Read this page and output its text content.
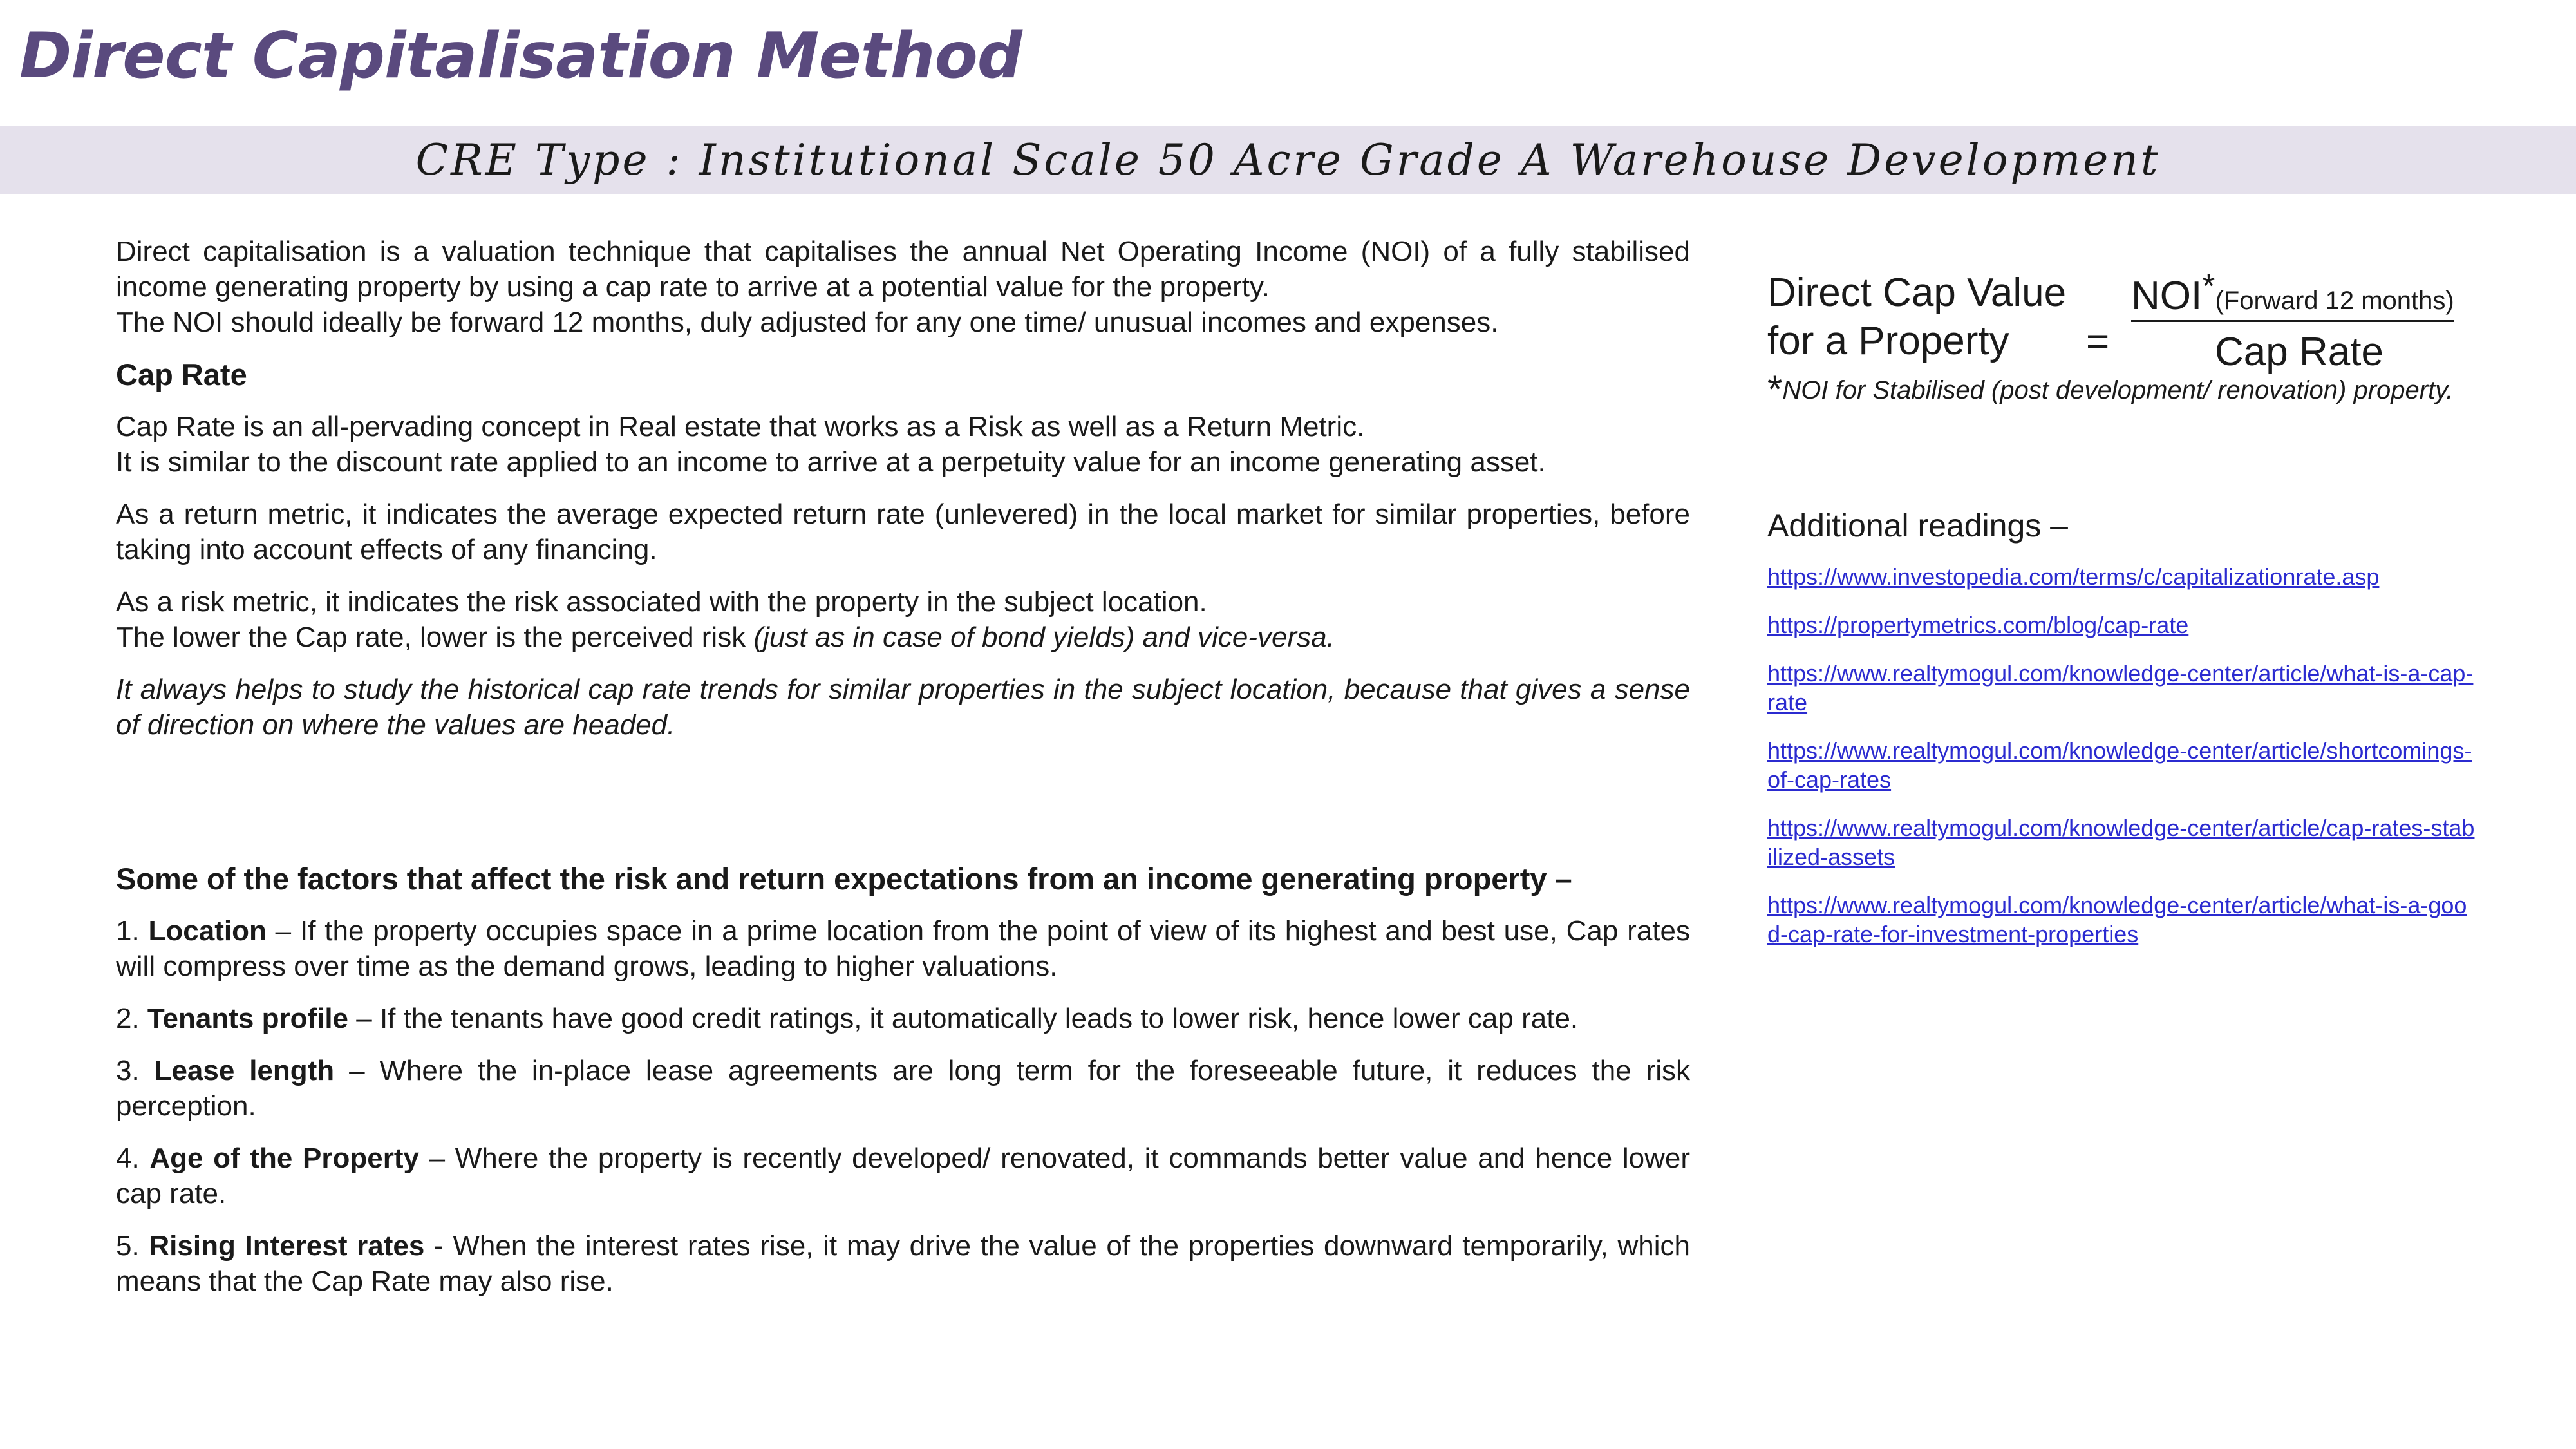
Direct Capitalisation Method
CRE Type : Institutional Scale 50 Acre Grade A Warehouse Development

Direct capitalisation is a valuation technique that capitalises the annual Net Operating Income (NOI) of a fully stabilised income generating property by using a cap rate to arrive at a potential value for the property.
The NOI should ideally be forward 12 months, duly adjusted for any one time/ unusual incomes and expenses.

Cap Rate

Cap Rate is an all-pervading concept in Real estate that works as a Risk as well as a Return Metric.
It is similar to the discount rate applied to an income to arrive at a perpetuity value for an income generating asset.

As a return metric, it indicates the average expected return rate (unlevered) in the local market for similar properties, before taking into account effects of any financing.

As a risk metric, it indicates the risk associated with the property in the subject location.
The lower the Cap rate, lower is the perceived risk (just as in case of bond yields) and vice-versa.

It always helps to study the historical cap rate trends for similar properties in the subject location, because that gives a sense of direction on where the values are headed.

Some of the factors that affect the risk and return expectations from an income generating property –

1. Location – If the property occupies space in a prime location from the point of view of its highest and best use, Cap rates will compress over time as the demand grows, leading to higher valuations.

2. Tenants profile – If the tenants have good credit ratings, it automatically leads to lower risk, hence lower cap rate.

3. Lease length – Where the in-place lease agreements are long term for the foreseeable future, it reduces the risk perception.

4. Age of the Property – Where the property is recently developed/ renovated, it commands better value and hence lower cap rate.

5. Rising Interest rates - When the interest rates rise, it may drive the value of the properties downward temporarily, which means that the Cap Rate may also rise.

Direct Cap Value
for a Property	=
NOI*(Forward 12 months)
Cap Rate
*NOI for Stabilised (post development/ renovation) property.
Additional readings –
https://www.investopedia.com/terms/c/capitalizationrate.asp
https://propertymetrics.com/blog/cap-rate
https://www.realtymogul.com/knowledge-center/article/what-is-a-cap-rate
https://www.realtymogul.com/knowledge-center/article/shortcomings-of-cap-rates
https://www.realtymogul.com/knowledge-center/article/cap-rates-stabilized-assets
https://www.realtymogul.com/knowledge-center/article/what-is-a-good-cap-rate-for-investment-properties
